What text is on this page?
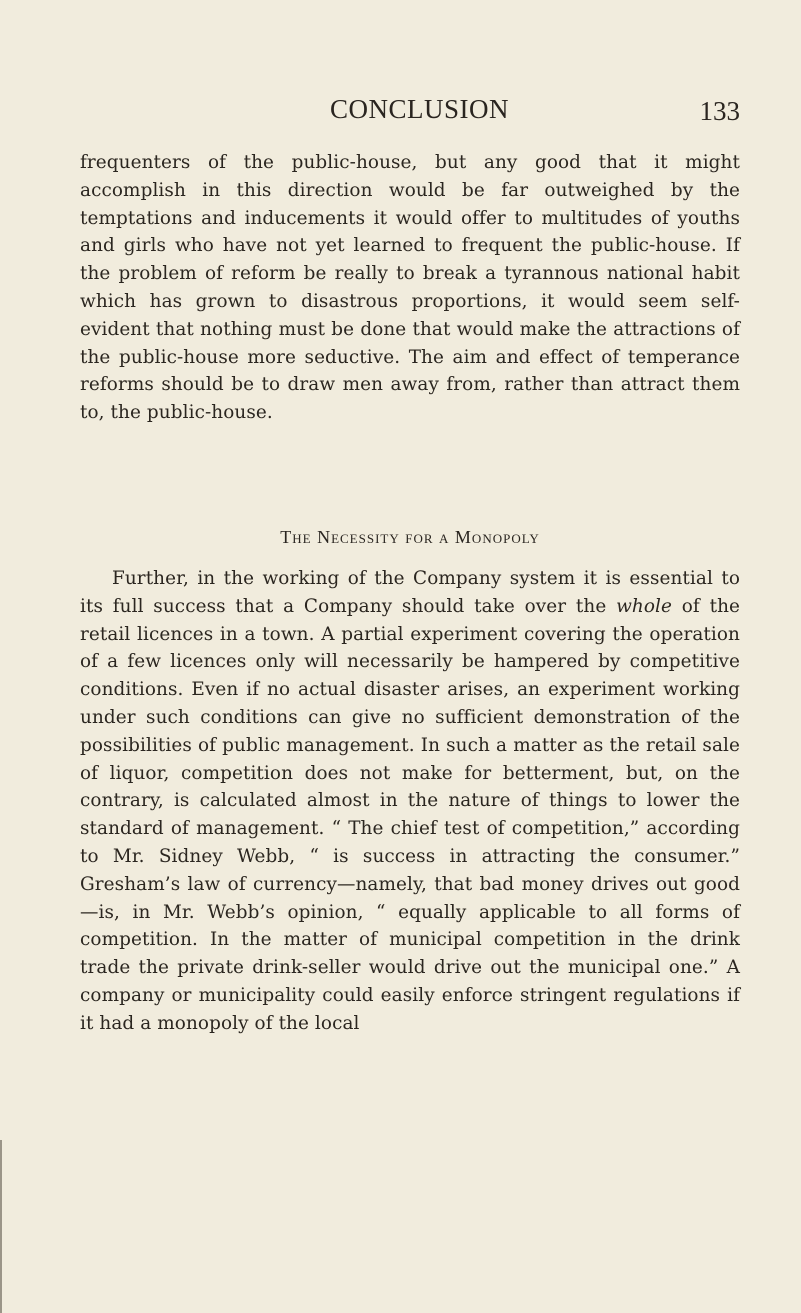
CONCLUSION	133

frequenters of the public-house, but any good that it might accomplish in this direction would be far outweighed by the temptations and inducements it would offer to multitudes of youths and girls who have not yet learned to frequent the public-house. If the problem of reform be really to break a tyrannous national habit which has grown to disastrous proportions, it would seem self-evident that nothing must be done that would make the attractions of the public-house more seductive. The aim and effect of temperance reforms should be to draw men away from, rather than attract them to, the public-house.

The Necessity for a Monopoly

Further, in the working of the Company system it is essential to its full success that a Company should take over the whole of the retail licences in a town. A partial experiment covering the operation of a few licences only will necessarily be hampered by competitive conditions. Even if no actual disaster arises, an experiment working under such conditions can give no sufficient demonstration of the possibilities of public management. In such a matter as the retail sale of liquor, competition does not make for betterment, but, on the contrary, is calculated almost in the nature of things to lower the standard of management. “ The chief test of competition,” according to Mr. Sidney Webb, “ is success in attracting the consumer.” Gresham’s law of currency—namely, that bad money drives out good—is, in Mr. Webb’s opinion, “ equally applicable to all forms of competition. In the matter of municipal competition in the drink trade the private drink-seller would drive out the municipal one.” A company or municipality could easily enforce stringent regulations if it had a monopoly of the local
